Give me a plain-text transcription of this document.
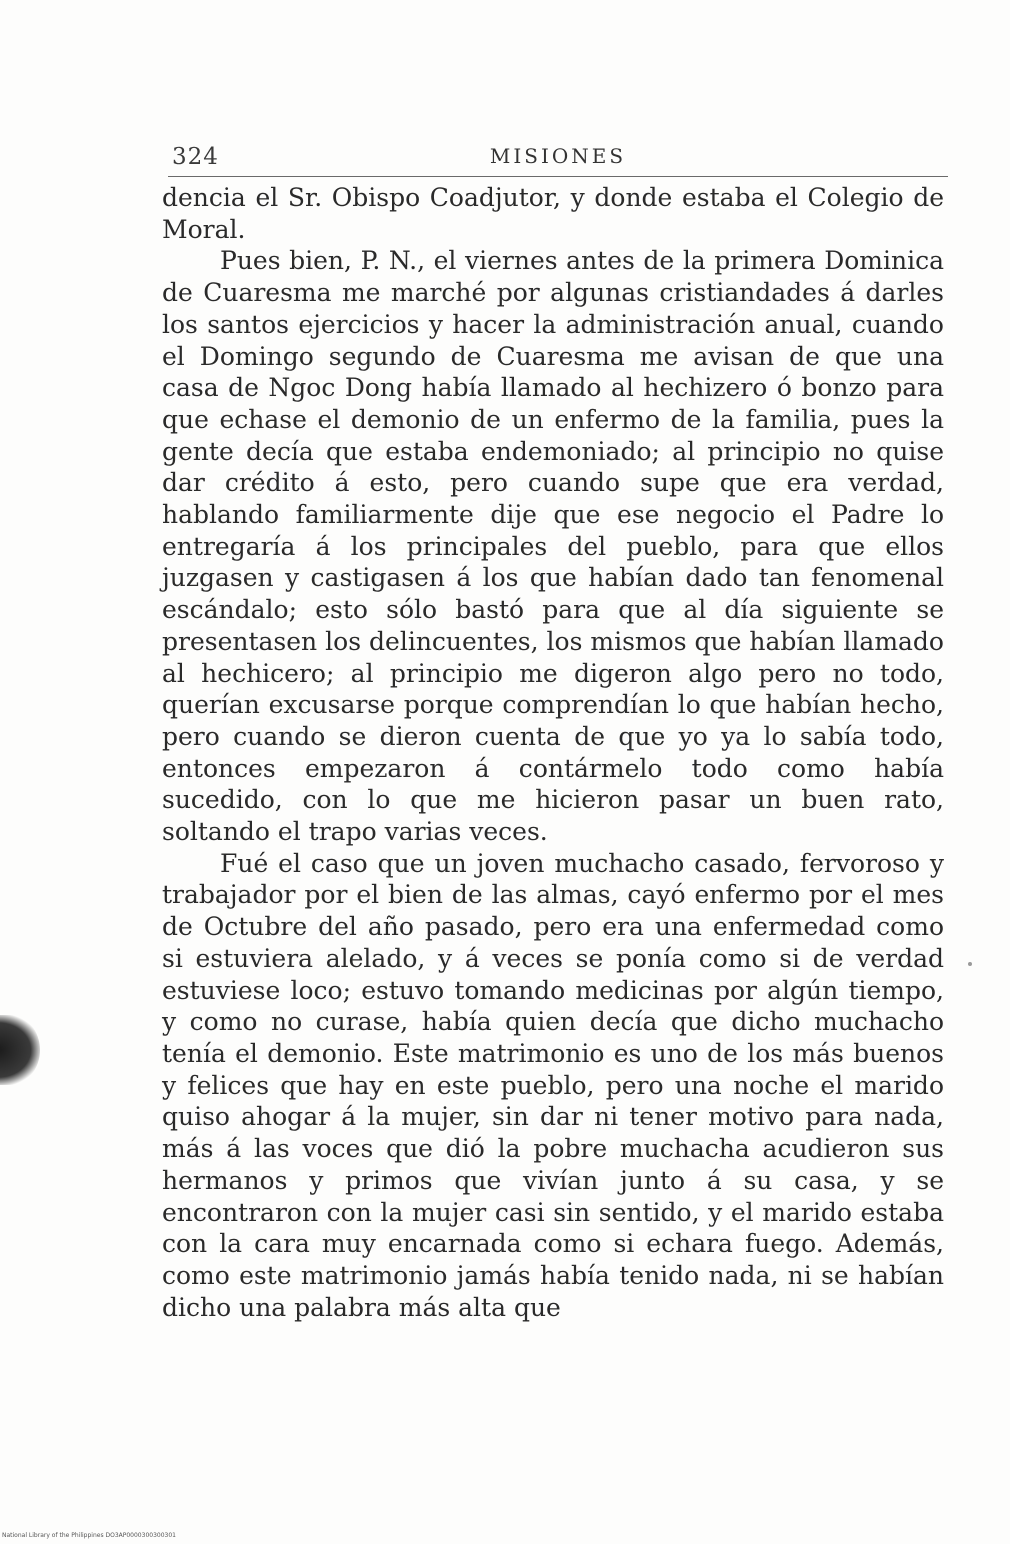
324	MISIONES

dencia el Sr. Obispo Coadjutor, y donde estaba el Colegio de Moral.

Pues bien, P. N., el viernes antes de la primera Dominica de Cuaresma me marché por algunas cristiandades á darles los santos ejercicios y hacer la administración anual, cuando el Domingo segundo de Cuaresma me avisan de que una casa de Ngoc Dong había llamado al hechizero ó bonzo para que echase el demonio de un enfermo de la familia, pues la gente decía que estaba endemoniado; al principio no quise dar crédito á esto, pero cuando supe que era verdad, hablando familiarmente dije que ese negocio el Padre lo entregaría á los principales del pueblo, para que ellos juzgasen y castigasen á los que habían dado tan fenomenal escándalo; esto sólo bastó para que al día siguiente se presentasen los delincuentes, los mismos que habían llamado al hechicero; al principio me digeron algo pero no todo, querían excusarse porque comprendían lo que habían hecho, pero cuando se dieron cuenta de que yo ya lo sabía todo, entonces empezaron á contármelo todo como había sucedido, con lo que me hicieron pasar un buen rato, soltando el trapo varias veces.

Fué el caso que un joven muchacho casado, fervoroso y trabajador por el bien de las almas, cayó enfermo por el mes de Octubre del año pasado, pero era una enfermedad como si estuviera alelado, y á veces se ponía como si de verdad estuviese loco; estuvo tomando medicinas por algún tiempo, y como no curase, había quien decía que dicho muchacho tenía el demonio. Este matrimonio es uno de los más buenos y felices que hay en este pueblo, pero una noche el marido quiso ahogar á la mujer, sin dar ni tener motivo para nada, más á las voces que dió la pobre muchacha acudieron sus hermanos y primos que vivían junto á su casa, y se encontraron con la mujer casi sin sentido, y el marido estaba con la cara muy encarnada como si echara fuego. Además, como este matrimonio jamás había tenido nada, ni se habían dicho una palabra más alta que

National Library of the Philippines DO3AP0000300300301
